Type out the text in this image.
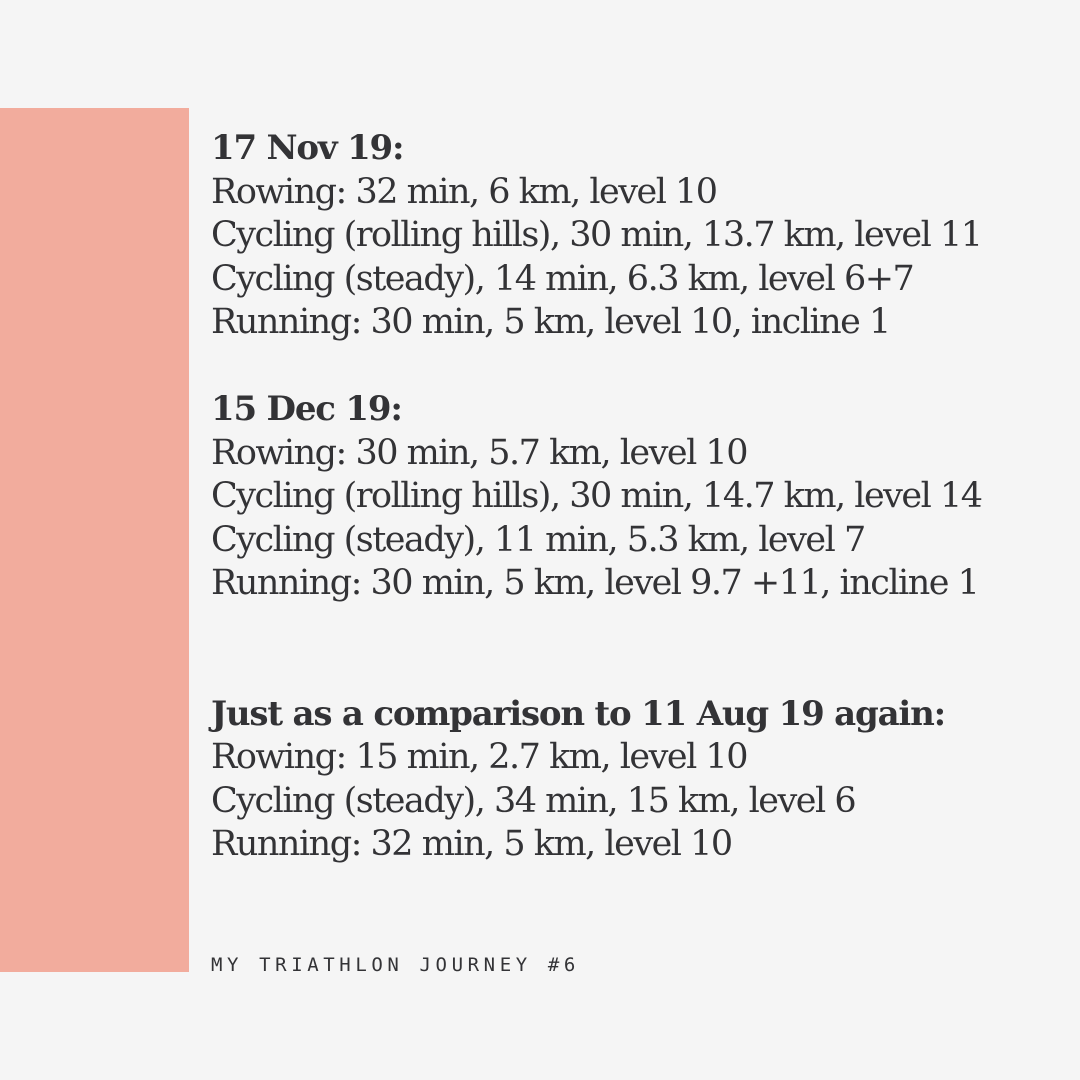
17 Nov 19:
Rowing: 32 min, 6 km, level 10
Cycling (rolling hills), 30 min, 13.7 km, level 11
Cycling (steady), 14 min, 6.3 km, level 6+7
Running: 30 min, 5 km, level 10, incline 1
15 Dec 19:
Rowing: 30 min, 5.7 km, level 10
Cycling (rolling hills), 30 min, 14.7 km, level 14
Cycling (steady), 11 min, 5.3 km, level 7
Running: 30 min, 5 km, level 9.7 +11, incline 1
Just as a comparison to 11 Aug 19 again:
Rowing: 15 min, 2.7 km, level 10
Cycling (steady), 34 min, 15 km, level 6
Running: 32 min, 5 km, level 10
MY TRIATHLON JOURNEY #6
